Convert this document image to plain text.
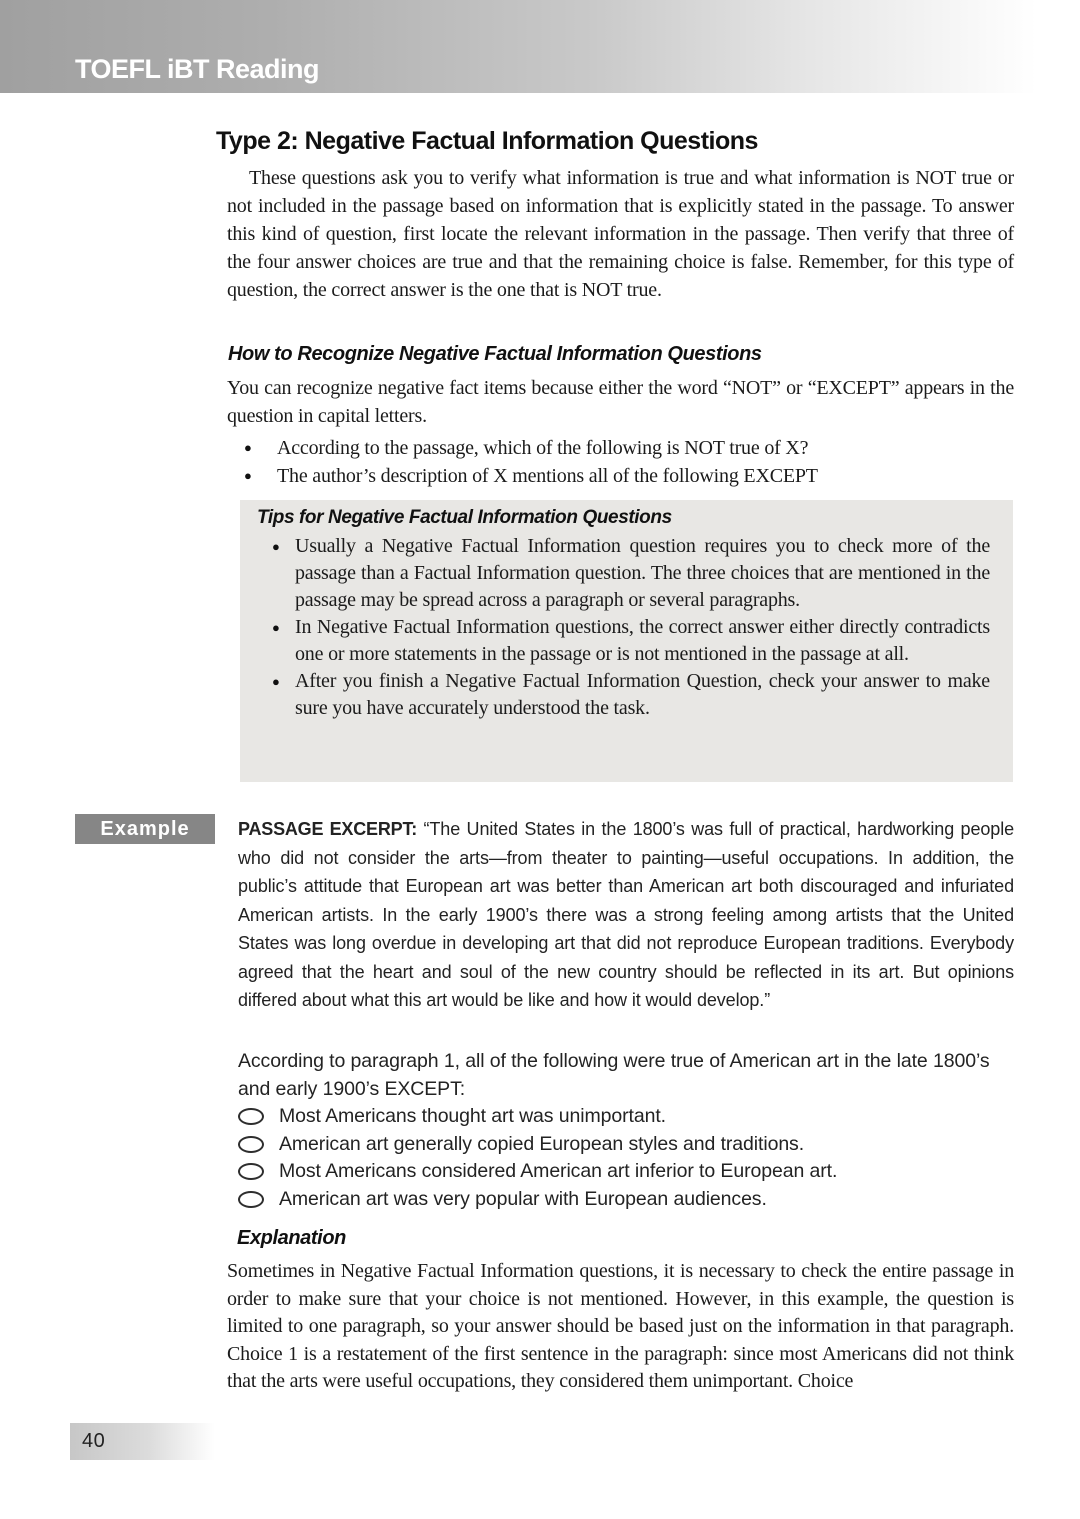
TOEFL iBT Reading
Type 2: Negative Factual Information Questions
These questions ask you to verify what information is true and what information is NOT true or not included in the passage based on information that is explicitly stated in the passage. To answer this kind of question, first locate the relevant information in the passage. Then verify that three of the four answer choices are true and that the remaining choice is false. Remember, for this type of question, the correct answer is the one that is NOT true.
How to Recognize Negative Factual Information Questions
You can recognize negative fact items because either the word “NOT” or “EXCEPT” appears in the question in capital letters.
●	According to the passage, which of the following is NOT true of X?
●	The author’s description of X mentions all of the following EXCEPT
Tips for Negative Factual Information Questions
● Usually a Negative Factual Information question requires you to check more of the passage than a Factual Information question. The three choices that are mentioned in the passage may be spread across a paragraph or several paragraphs.
● In Negative Factual Information questions, the correct answer either directly contradicts one or more statements in the passage or is not mentioned in the passage at all.
● After you finish a Negative Factual Information Question, check your answer to make sure you have accurately understood the task.
Example	PASSAGE EXCERPT: “The United States in the 1800’s was full of practical, hardworking people who did not consider the arts—from theater to painting—useful occupations. In addition, the public’s attitude that European art was better than American art both discouraged and infuriated American artists. In the early 1900’s there was a strong feeling among artists that the United States was long overdue in developing art that did not reproduce European traditions. Everybody agreed that the heart and soul of the new country should be reflected in its art. But opinions differed about what this art would be like and how it would develop.”
According to paragraph 1, all of the following were true of American art in the late 1800’s and early 1900’s EXCEPT:
Most Americans thought art was unimportant.
American art generally copied European styles and traditions.
Most Americans considered American art inferior to European art.
American art was very popular with European audiences.
Explanation
Sometimes in Negative Factual Information questions, it is necessary to check the entire passage in order to make sure that your choice is not mentioned. However, in this example, the question is limited to one paragraph, so your answer should be based just on the information in that paragraph. Choice 1 is a restatement of the first sentence in the paragraph: since most Americans did not think that the arts were useful occupations, they considered them unimportant. Choice
40
